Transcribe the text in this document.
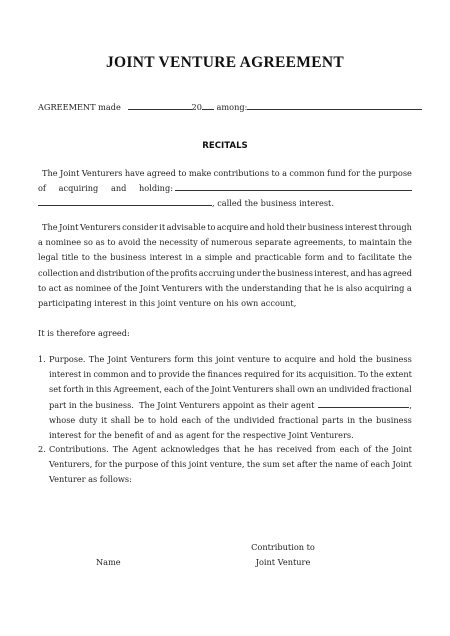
JOINT VENTURE AGREEMENT
AGREEMENT made	20 among:
RECITALS
The Joint Venturers have agreed to make contributions to a common fund for the purpose
of acquiring and holding:
, called the business interest.
The Joint Venturers consider it advisable to acquire and hold their business interest through
a nominee so as to avoid the necessity of numerous separate agreements, to maintain the
legal title to the business interest in a simple and practicable form and to facilitate the
collection and distribution of the profits accruing under the business interest, and has agreed
to act as nominee of the Joint Venturers with the understanding that he is also acquiring a
participating interest in this joint venture on his own account,
It is therefore agreed:
1. Purpose. The Joint Venturers form this joint venture to acquire and hold the business
interest in common and to provide the finances required for its acquisition. To the extent
set forth in this Agreement, each of the Joint Venturers shall own an undivided fractional
part in the business.  The Joint Venturers appoint as their agent	,
whose duty it shall be to hold each of the undivided fractional parts in the business
interest for the benefit of and as agent for the respective Joint Venturers.
2. Contributions. The Agent acknowledges that he has received from each of the Joint
Venturers, for the purpose of this joint venture, the sum set after the name of each Joint
Venturer as follows:
Contribution to
Joint Venture
Name
